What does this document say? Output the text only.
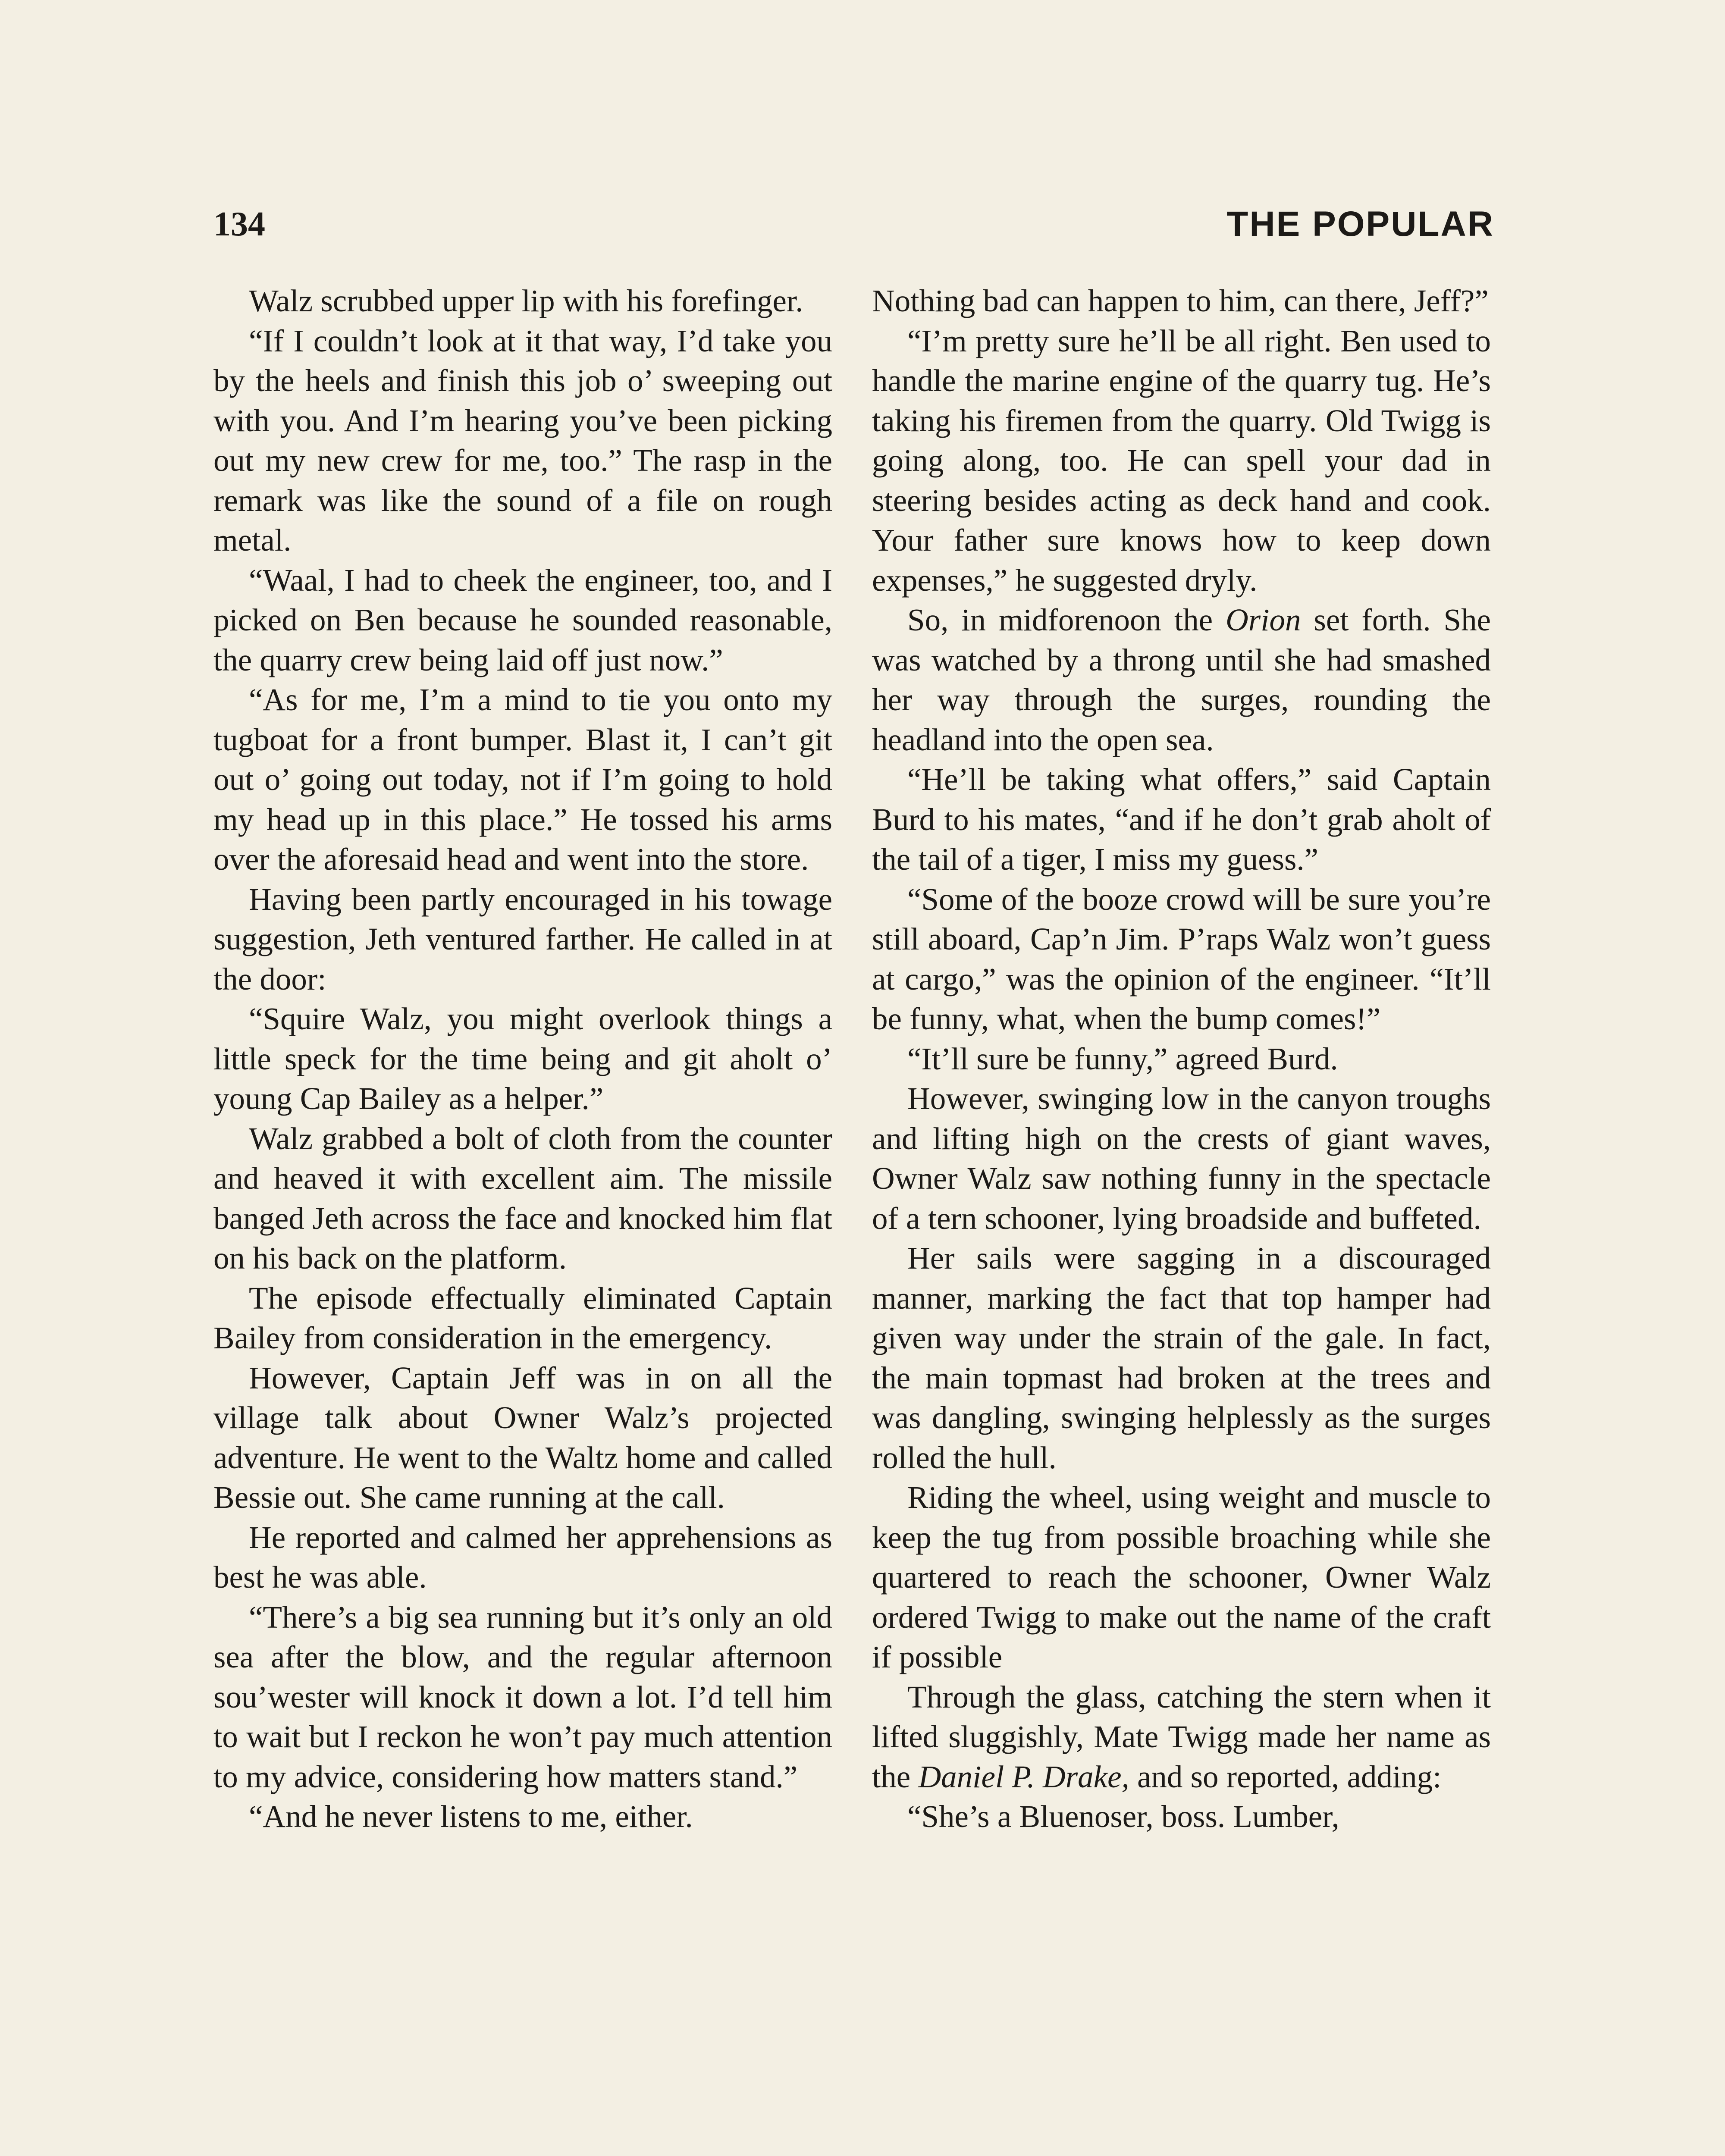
134	THE POPULAR

Walz scrubbed upper lip with his forefinger.

“If I couldn’t look at it that way, I’d take you by the heels and finish this job o’ sweeping out with you. And I’m hearing you’ve been picking out my new crew for me, too.” The rasp in the remark was like the sound of a file on rough metal.

“Waal, I had to cheek the engineer, too, and I picked on Ben because he sounded reasonable, the quarry crew being laid off just now.”

“As for me, I’m a mind to tie you onto my tugboat for a front bumper. Blast it, I can’t git out o’ going out today, not if I’m going to hold my head up in this place.” He tossed his arms over the aforesaid head and went into the store.

Having been partly encouraged in his towage suggestion, Jeth ventured farther. He called in at the door:

“Squire Walz, you might overlook things a little speck for the time being and git aholt o’ young Cap Bailey as a helper.”

Walz grabbed a bolt of cloth from the counter and heaved it with excellent aim. The missile banged Jeth across the face and knocked him flat on his back on the platform.

The episode effectually eliminated Captain Bailey from consideration in the emergency.

However, Captain Jeff was in on all the village talk about Owner Walz’s projected adventure. He went to the Waltz home and called Bessie out. She came running at the call.

He reported and calmed her apprehensions as best he was able.

“There’s a big sea running but it’s only an old sea after the blow, and the regular afternoon sou’wester will knock it down a lot. I’d tell him to wait but I reckon he won’t pay much attention to my advice, considering how matters stand.”

“And he never listens to me, either.

Nothing bad can happen to him, can there, Jeff?”

“I’m pretty sure he’ll be all right. Ben used to handle the marine engine of the quarry tug. He’s taking his firemen from the quarry. Old Twigg is going along, too. He can spell your dad in steering besides acting as deck hand and cook. Your father sure knows how to keep down expenses,” he suggested dryly.

So, in midforenoon the Orion set forth. She was watched by a throng until she had smashed her way through the surges, rounding the headland into the open sea.

“He’ll be taking what offers,” said Captain Burd to his mates, “and if he don’t grab aholt of the tail of a tiger, I miss my guess.”

“Some of the booze crowd will be sure you’re still aboard, Cap’n Jim. P’raps Walz won’t guess at cargo,” was the opinion of the engineer. “It’ll be funny, what, when the bump comes!”

“It’ll sure be funny,” agreed Burd.

However, swinging low in the canyon troughs and lifting high on the crests of giant waves, Owner Walz saw nothing funny in the spectacle of a tern schooner, lying broadside and buffeted.

Her sails were sagging in a discouraged manner, marking the fact that top hamper had given way under the strain of the gale. In fact, the main topmast had broken at the trees and was dangling, swinging helplessly as the surges rolled the hull.

Riding the wheel, using weight and muscle to keep the tug from possible broaching while she quartered to reach the schooner, Owner Walz ordered Twigg to make out the name of the craft if possible

Through the glass, catching the stern when it lifted sluggishly, Mate Twigg made her name as the Daniel P. Drake, and so reported, adding:

“She’s a Bluenoser, boss. Lumber,
